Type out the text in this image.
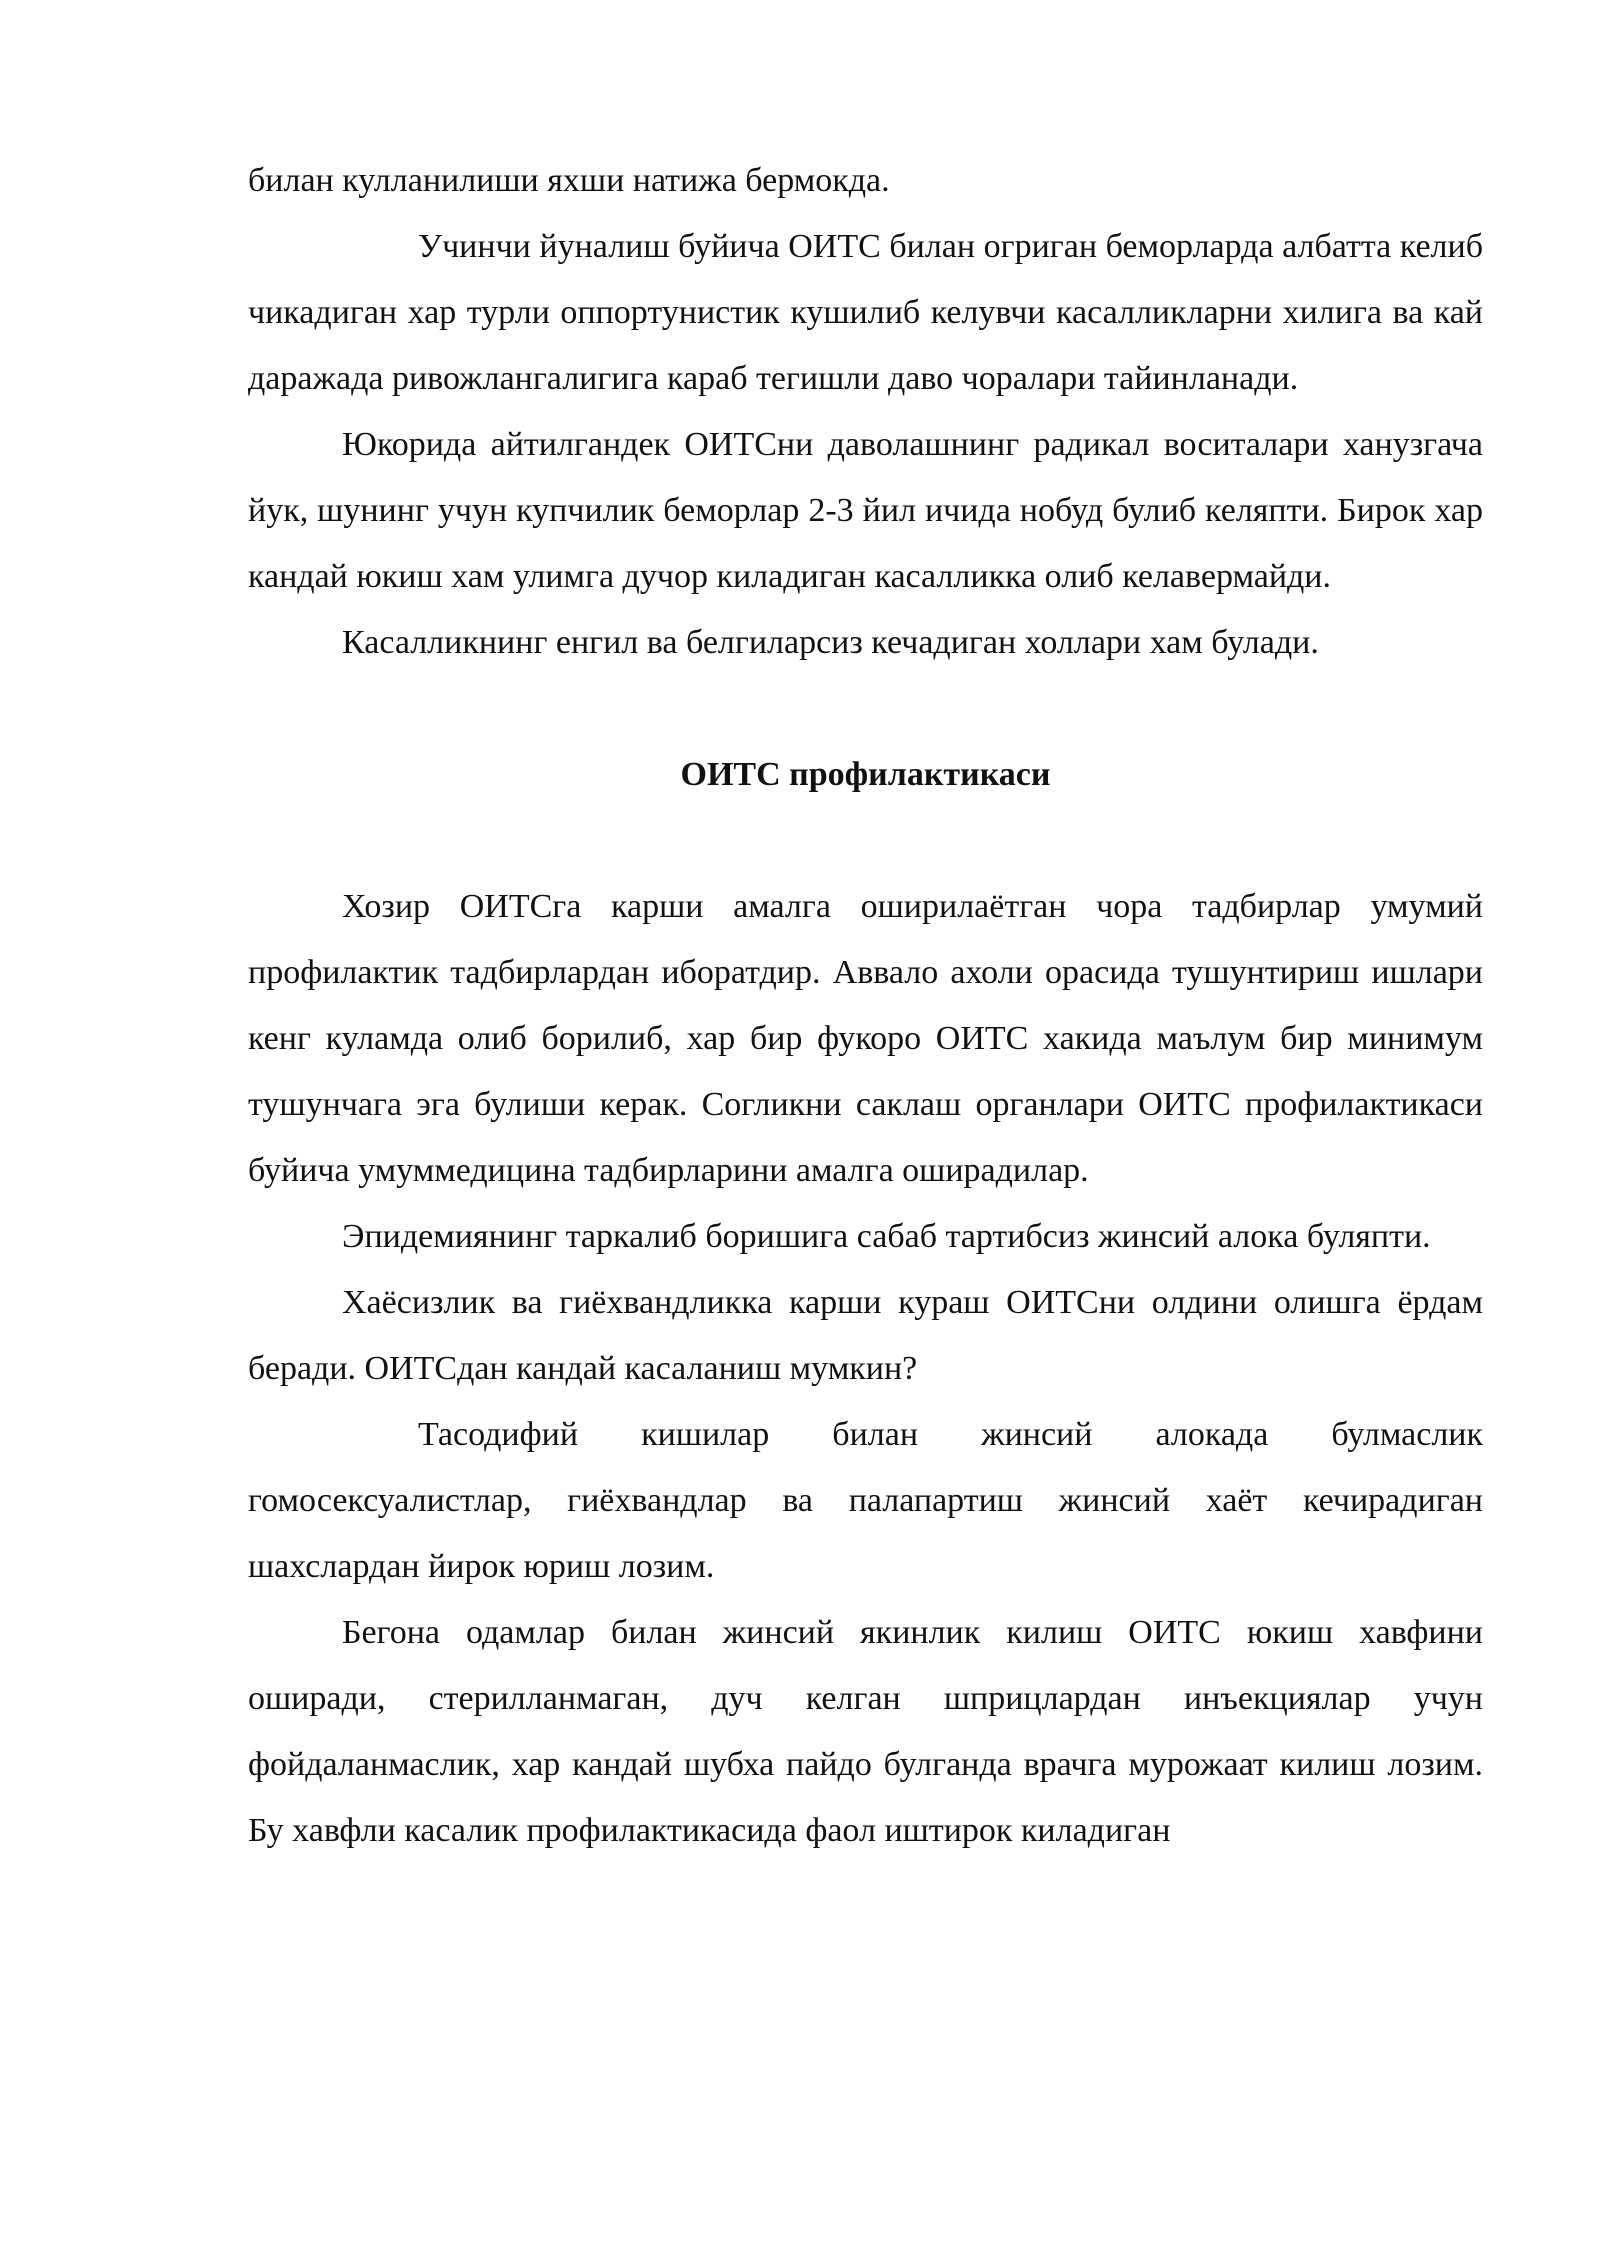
билан кулланилиши яхши натижа бермокда.

Учинчи йуналиш буйича ОИТС билан огриган беморларда албатта келиб чикадиган хар турли оппортунистик кушилиб келувчи касалликларни хилига ва кай даражада ривожлангалигига караб тегишли даво чоралари тайинланади.

Юкорида айтилгандек ОИТСни даволашнинг радикал воситалари ханузгача йук, шунинг учун купчилик беморлар 2-3 йил ичида нобуд булиб келяпти. Бирок хар кандай юкиш хам улимга дучор киладиган касалликка олиб келавермайди.

Касалликнинг енгил ва белгиларсиз кечадиган холлари хам булади.

ОИТС профилактикаси

Хозир ОИТСга карши амалга оширилаётган чора тадбирлар умумий профилактик тадбирлардан иборатдир. Аввало ахоли орасида тушунтириш ишлари кенг куламда олиб борилиб, хар бир фукоро ОИТС хакида маълум бир минимум тушунчага эга булиши керак. Согликни саклаш органлари ОИТС профилактикаси буйича умуммедицина тадбирларини амалга оширадилар.

Эпидемиянинг таркалиб боришига сабаб тартибсиз жинсий алока буляпти.

Хаёсизлик ва гиёхвандликка карши кураш ОИТСни олдини олишга ёрдам беради. ОИТСдан кандай касаланиш мумкин?

Тасодифий кишилар билан жинсий алокада булмаслик гомосексуалистлар, гиёхвандлар ва палапартиш жинсий хаёт кечирадиган шахслардан йирок юриш лозим.

Бегона одамлар билан жинсий якинлик килиш ОИТС юкиш хавфини оширади, стерилланмаган, дуч келган шприцлардан инъекциялар учун фойдаланмаслик, хар кандай шубха пайдо булганда врачга мурожаат килиш лозим. Бу хавфли касалик профилактикасида фаол иштирок киладиган
